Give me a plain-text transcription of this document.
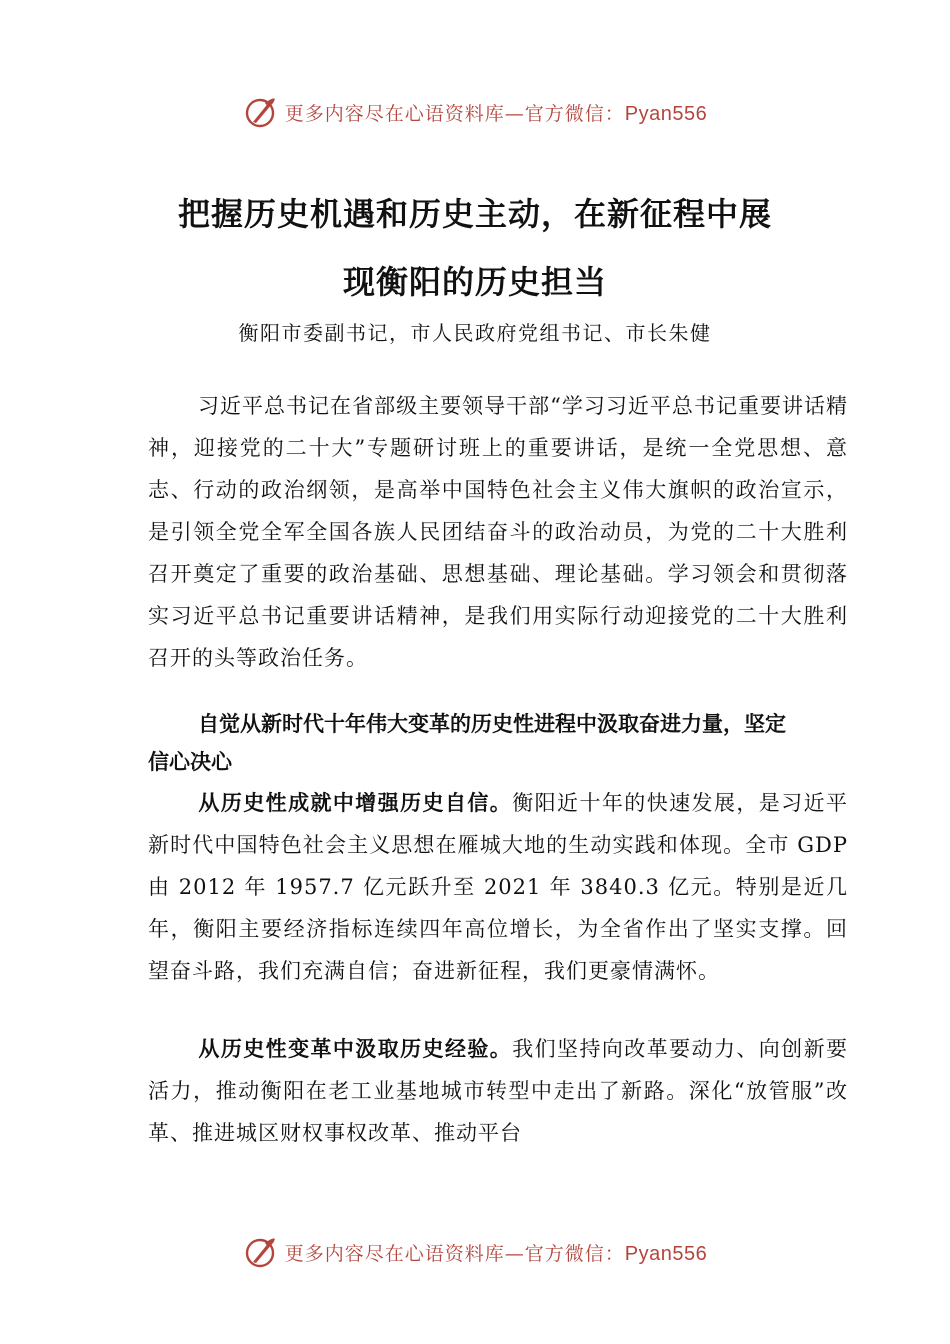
更多内容尽在心语资料库—官方微信：Pyan556
把握历史机遇和历史主动，在新征程中展
现衡阳的历史担当
衡阳市委副书记，市人民政府党组书记、市长朱健

习近平总书记在省部级主要领导干部“学习习近平总书记重要讲话精神，迎接党的二十大”专题研讨班上的重要讲话，是统一全党思想、意志、行动的政治纲领，是高举中国特色社会主义伟大旗帜的政治宣示，是引领全党全军全国各族人民团结奋斗的政治动员，为党的二十大胜利召开奠定了重要的政治基础、思想基础、理论基础。学习领会和贯彻落实习近平总书记重要讲话精神，是我们用实际行动迎接党的二十大胜利召开的头等政治任务。

自觉从新时代十年伟大变革的历史性进程中汲取奋进力量，坚定信心决心

从历史性成就中增强历史自信。衡阳近十年的快速发展，是习近平新时代中国特色社会主义思想在雁城大地的生动实践和体现。全市 GDP 由 2012 年 1957.7 亿元跃升至 2021 年 3840.3 亿元。特别是近几年，衡阳主要经济指标连续四年高位增长，为全省作出了坚实支撑。回望奋斗路，我们充满自信；奋进新征程，我们更豪情满怀。

从历史性变革中汲取历史经验。我们坚持向改革要动力、向创新要活力，推动衡阳在老工业基地城市转型中走出了新路。深化“放管服”改革、推进城区财权事权改革、推动平台

更多内容尽在心语资料库—官方微信：Pyan556
